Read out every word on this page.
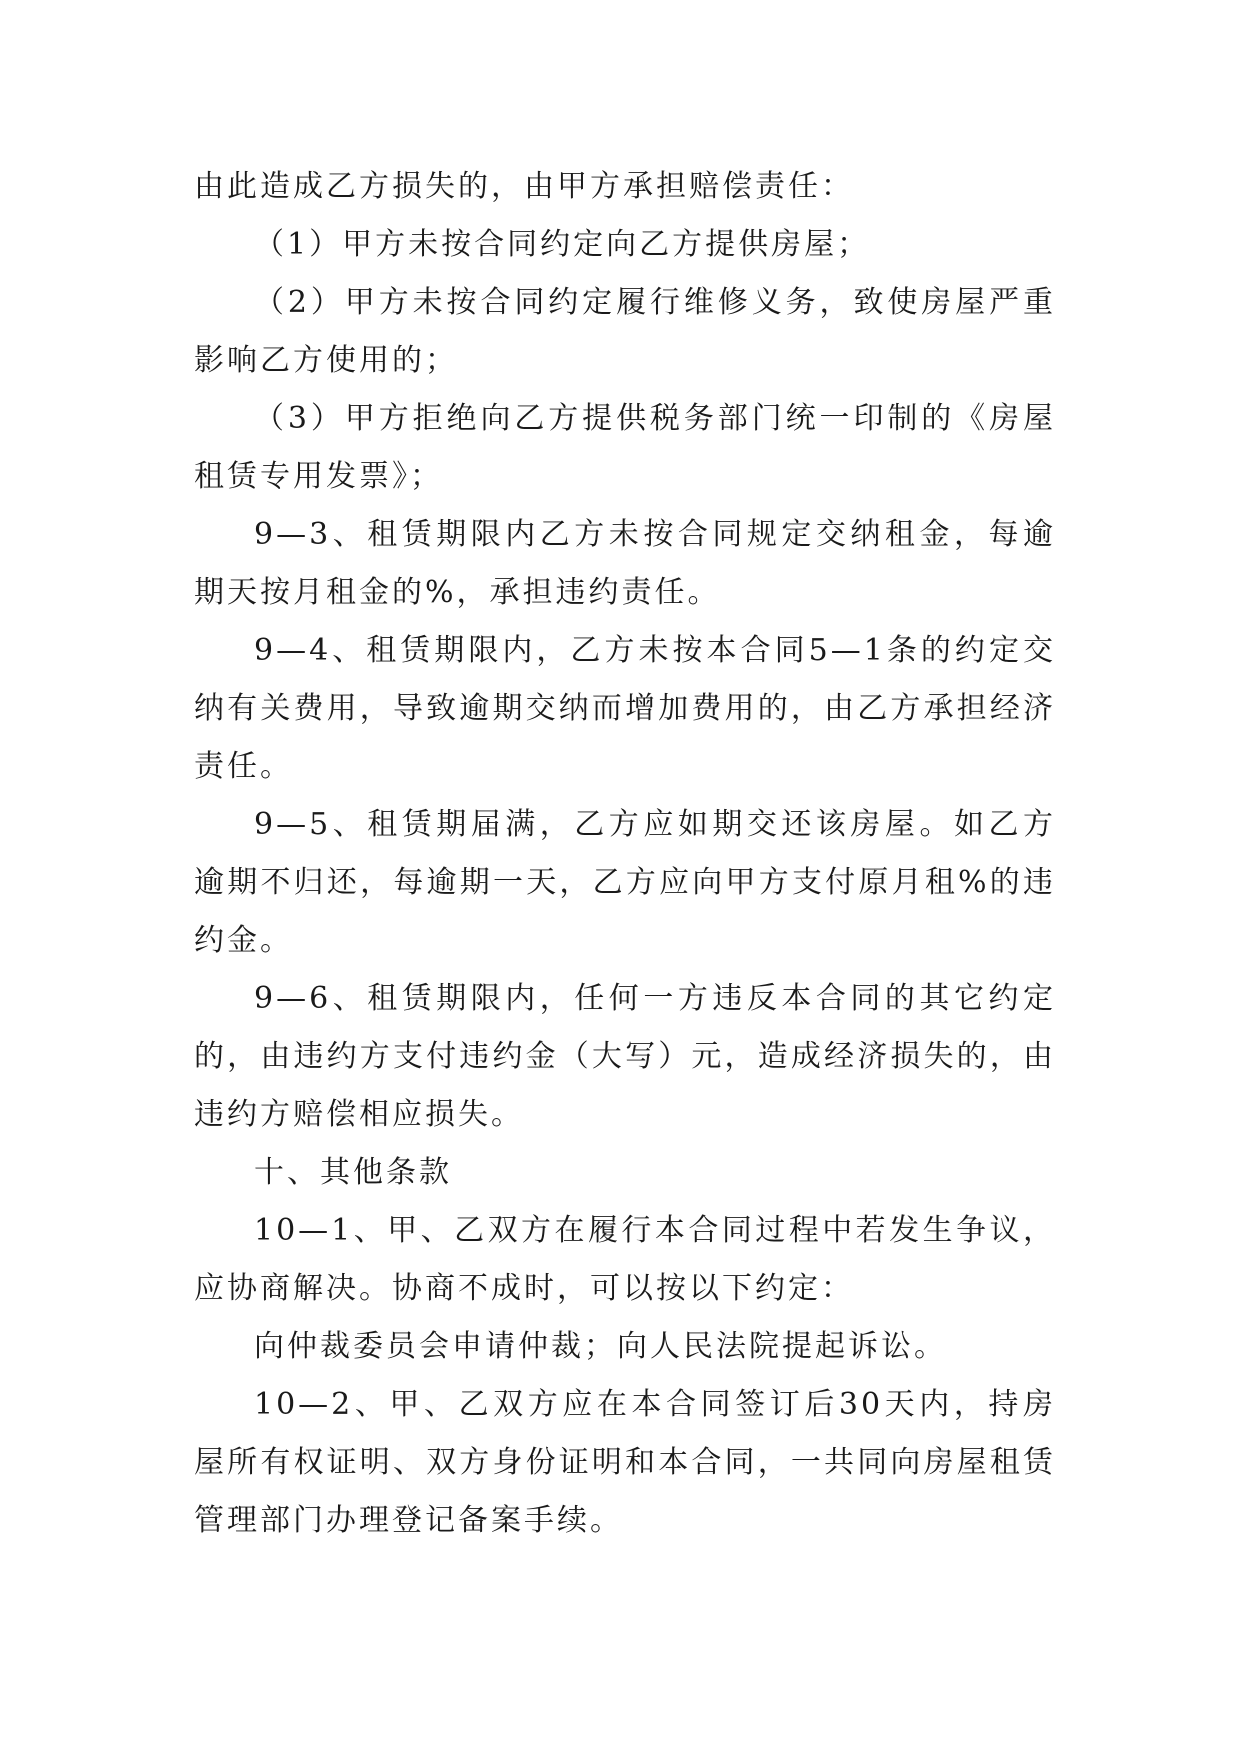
由此造成乙方损失的，由甲方承担赔偿责任：

（1）甲方未按合同约定向乙方提供房屋；

（2）甲方未按合同约定履行维修义务，致使房屋严重影响乙方使用的；

（3）甲方拒绝向乙方提供税务部门统一印制的《房屋租赁专用发票》；

9—3、租赁期限内乙方未按合同规定交纳租金，每逾期天按月租金的%，承担违约责任。

9—4、租赁期限内，乙方未按本合同5—1条的约定交纳有关费用，导致逾期交纳而增加费用的，由乙方承担经济责任。

9—5、租赁期届满，乙方应如期交还该房屋。如乙方逾期不归还，每逾期一天，乙方应向甲方支付原月租%的违约金。

9—6、租赁期限内，任何一方违反本合同的其它约定的，由违约方支付违约金（大写）元，造成经济损失的，由违约方赔偿相应损失。

十、其他条款

10—1、甲、乙双方在履行本合同过程中若发生争议，应协商解决。协商不成时，可以按以下约定：

向仲裁委员会申请仲裁；向人民法院提起诉讼。

10—2、甲、乙双方应在本合同签订后30天内，持房屋所有权证明、双方身份证明和本合同，一共同向房屋租赁管理部门办理登记备案手续。
